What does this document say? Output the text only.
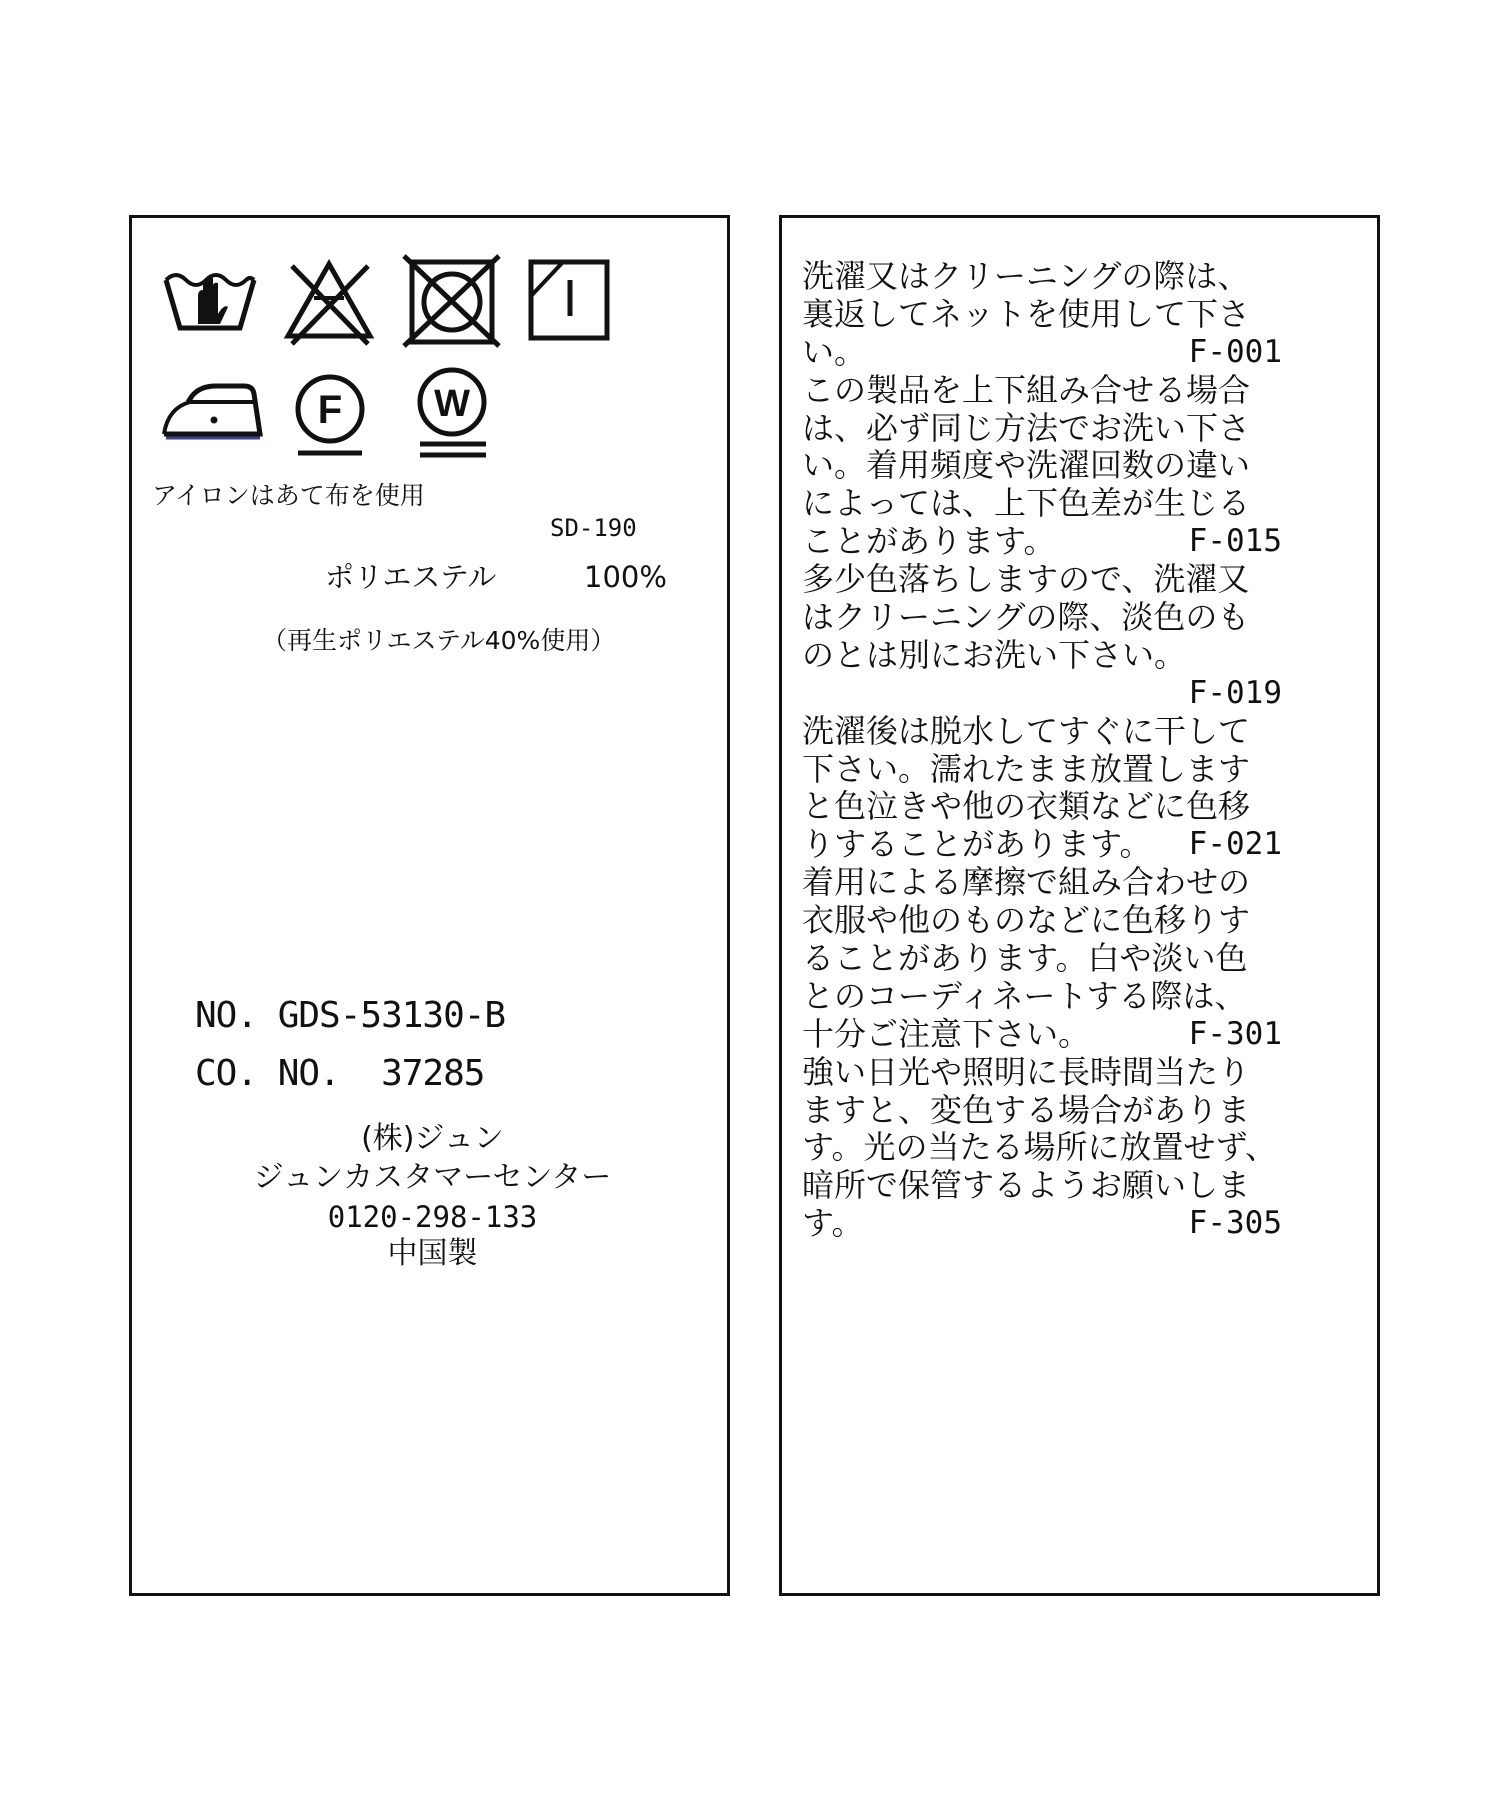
F W
アイロンはあて布を使用
SD-190
ポリエステル	100%
（再生ポリエステル40%使用）
NO. GDS-53130-B
CO. NO.  37285
(株)ジュン
ジュンカスタマーセンター
0120-298-133
中国製
洗濯又はクリーニングの際は、
裏返してネットを使用して下さ
い。	F-001
この製品を上下組み合せる場合
は、必ず同じ方法でお洗い下さ
い。着用頻度や洗濯回数の違い
によっては、上下色差が生じる
ことがあります。	F-015
多少色落ちしますので、洗濯又
はクリーニングの際、淡色のも
のとは別にお洗い下さい。
F-019
洗濯後は脱水してすぐに干して
下さい。濡れたまま放置します
と色泣きや他の衣類などに色移
りすることがあります。 F-021
着用による摩擦で組み合わせの
衣服や他のものなどに色移りす
ることがあります。白や淡い色
とのコーディネートする際は、
十分ご注意下さい。	F-301
強い日光や照明に長時間当たり
ますと、変色する場合がありま
す。光の当たる場所に放置せず、
暗所で保管するようお願いしま
す。	F-305
